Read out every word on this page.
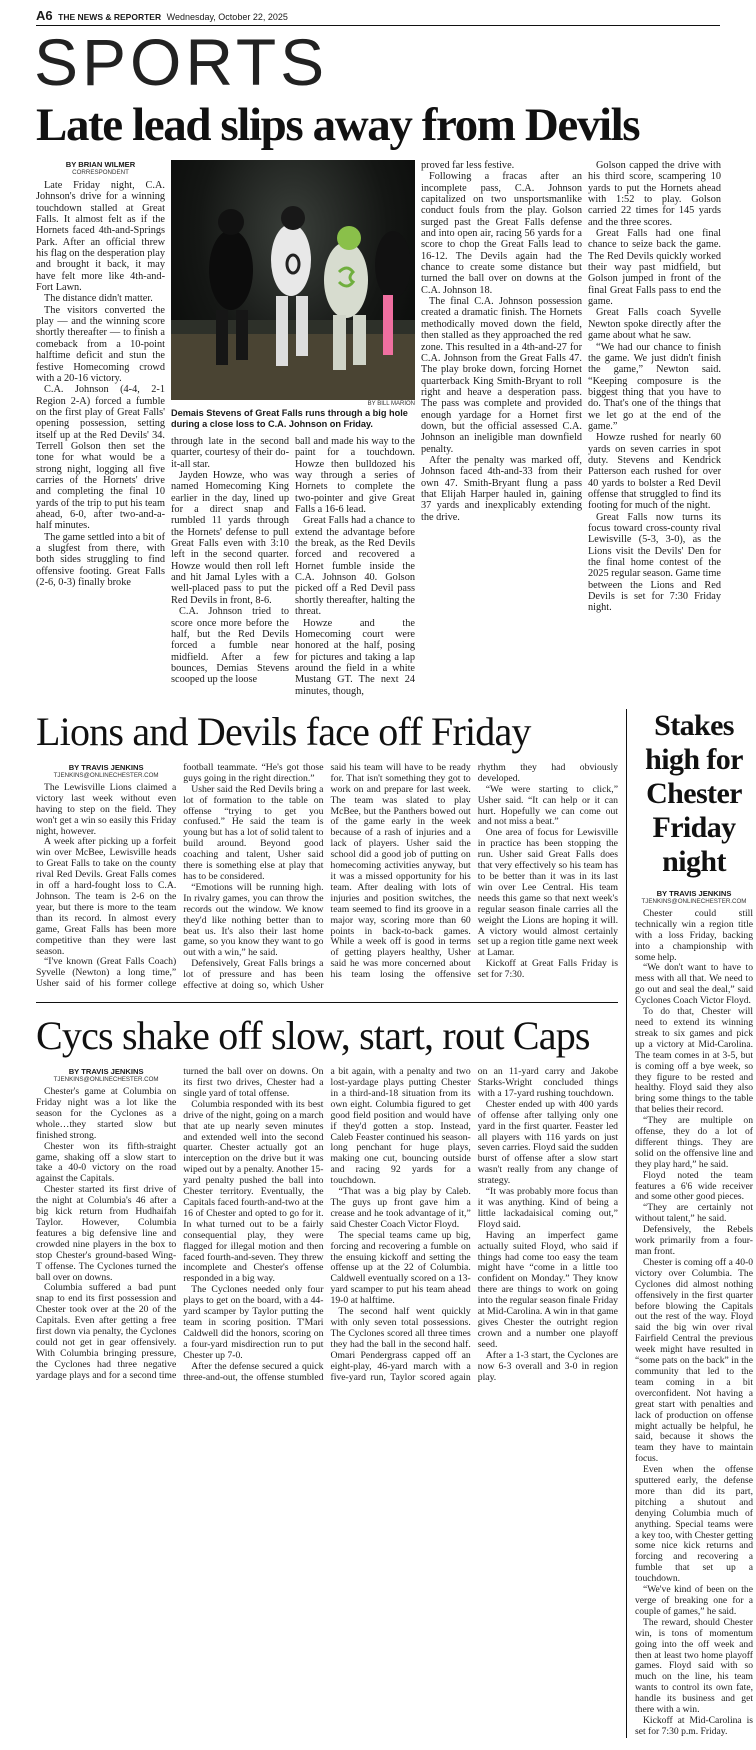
A6 THE NEWS & REPORTER Wednesday, October 22, 2025
SPORTS
Late lead slips away from Devils
BY BRIAN WILMER
CORRESPONDENT

Late Friday night, C.A. Johnson's drive for a winning touchdown stalled at Great Falls. It almost felt as if the Hornets faced 4th-and-Springs Park. After an official threw his flag on the desperation play and brought it back, it may have felt more like 4th-and-Fort Lawn.

The distance didn't matter.

The visitors converted the play — and the winning score shortly thereafter — to finish a comeback from a 10-point halftime deficit and stun the festive Homecoming crowd with a 20-16 victory.

C.A. Johnson (4-4, 2-1 Region 2-A) forced a fumble on the first play of Great Falls' opening possession, setting itself up at the Red Devils' 34. Terrell Golson then set the tone for what would be a strong night, logging all five carries of the Hornets' drive and completing the final 10 yards of the trip to put his team ahead, 6-0, after two-and-a-half minutes.

The game settled into a bit of a slugfest from there, with both sides struggling to find offensive footing. Great Falls (2-6, 0-3) finally broke

BY BILL MARION
Demais Stevens of Great Falls runs through a big hole during a close loss to C.A. Johnson on Friday.

through late in the second quarter, courtesy of their do-it-all star.

Jayden Howze, who was named Homecoming King earlier in the day, lined up for a direct snap and rumbled 11 yards through the Hornets' defense to pull Great Falls even with 3:10 left in the second quarter. Howze would then roll left and hit Jamal Lyles with a well-placed pass to put the Red Devils in front, 8-6.

C.A. Johnson tried to score once more before the half, but the Red Devils forced a fumble near midfield. After a few bounces, Demias Stevens scooped up the loose

ball and made his way to the paint for a touchdown. Howze then bulldozed his way through a series of Hornets to complete the two-pointer and give Great Falls a 16-6 lead.

Great Falls had a chance to extend the advantage before the break, as the Red Devils forced and recovered a Hornet fumble inside the C.A. Johnson 40. Golson picked off a Red Devil pass shortly thereafter, halting the threat.

Howze and the Homecoming court were honored at the half, posing for pictures and taking a lap around the field in a white Mustang GT. The next 24 minutes, though,

proved far less festive.

Following a fracas after an incomplete pass, C.A. Johnson capitalized on two unsportsmanlike conduct fouls from the play. Golson surged past the Great Falls defense and into open air, racing 56 yards for a score to chop the Great Falls lead to 16-12. The Devils again had the chance to create some distance but turned the ball over on downs at the C.A. Johnson 18.

The final C.A. Johnson possession created a dramatic finish. The Hornets methodically moved down the field, then stalled as they approached the red zone. This resulted in a 4th-and-27 for C.A. Johnson from the Great Falls 47. The play broke down, forcing Hornet quarterback King Smith-Bryant to roll right and heave a desperation pass. The pass was complete and provided enough yardage for a Hornet first down, but the official assessed C.A. Johnson an ineligible man downfield penalty.

After the penalty was marked off, Johnson faced 4th-and-33 from their own 47. Smith-Bryant flung a pass that Elijah Harper hauled in, gaining 37 yards and inexplicably extending the drive.

Golson capped the drive with his third score, scampering 10 yards to put the Hornets ahead with 1:52 to play. Golson carried 22 times for 145 yards and the three scores.

Great Falls had one final chance to seize back the game. The Red Devils quickly worked their way past midfield, but Golson jumped in front of the final Great Falls pass to end the game.

Great Falls coach Syvelle Newton spoke directly after the game about what he saw.

“We had our chance to finish the game. We just didn't finish the game,” Newton said. “Keeping composure is the biggest thing that you have to do. That's one of the things that we let go at the end of the game.”

Howze rushed for nearly 60 yards on seven carries in spot duty. Stevens and Kendrick Patterson each rushed for over 40 yards to bolster a Red Devil offense that struggled to find its footing for much of the night.

Great Falls now turns its focus toward cross-county rival Lewisville (5-3, 3-0), as the Lions visit the Devils' Den for the final home contest of the 2025 regular season. Game time between the Lions and Red Devils is set for 7:30 Friday night.

Lions and Devils face off Friday
BY TRAVIS JENKINS
TJENKINS@ONLINECHESTER.COM

The Lewisville Lions claimed a victory last week without even having to step on the field. They won't get a win so easily this Friday night, however.

A week after picking up a forfeit win over McBee, Lewisville heads to Great Falls to take on the county rival Red Devils. Great Falls comes in off a hard-fought loss to C.A. Johnson. The team is 2-6 on the year, but there is more to the team than its record. In almost every game, Great Falls has been more competitive than they were last season.

“I've known (Great Falls Coach) Syvelle (Newton) a long time,” Usher said of his former college football teammate. “He's got those guys going in the right direction.”

Usher said the Red Devils bring a lot of formation to the table on offense “trying to get you confused.” He said the team is young but has a lot of solid talent to build around. Beyond good coaching and talent, Usher said there is something else at play that has to be considered.

“Emotions will be running high. In rivalry games, you can throw the records out the window. We know they'd like nothing better than to beat us. It's also their last home game, so you know they want to go out with a win,” he said.

Defensively, Great Falls brings a lot of pressure and has been effective at doing so, which Usher said his team will have to be ready for. That isn't something they got to work on and prepare for last week. The team was slated to play McBee, but the Panthers bowed out of the game early in the week because of a rash of injuries and a lack of players. Usher said the school did a good job of putting on homecoming activities anyway, but it was a missed opportunity for his team. After dealing with lots of injuries and position switches, the team seemed to find its groove in a major way, scoring more than 60 points in back-to-back games. While a week off is good in terms of getting players healthy, Usher said he was more concerned about his team losing the offensive rhythm they had obviously developed.

“We were starting to click,” Usher said. “It can help or it can hurt. Hopefully we can come out and not miss a beat.”

One area of focus for Lewisville in practice has been stopping the run. Usher said Great Falls does that very effectively so his team has to be better than it was in its last win over Lee Central. His team needs this game so that next week's regular season finale carries all the weight the Lions are hoping it will. A victory would almost certainly set up a region title game next week at Lamar.

Kickoff at Great Falls Friday is set for 7:30.

Cycs shake off slow, start, rout Caps
BY TRAVIS JENKINS
TJENKINS@ONLINECHESTER.COM

Chester's game at Columbia on Friday night was a lot like the season for the Cyclones as a whole…they started slow but finished strong.

Chester won its fifth-straight game, shaking off a slow start to take a 40-0 victory on the road against the Capitals.

Chester started its first drive of the night at Columbia's 46 after a big kick return from Hudhaifah Taylor. However, Columbia features a big defensive line and crowded nine players in the box to stop Chester's ground-based Wing-T offense. The Cyclones turned the ball over on downs.

Columbia suffered a bad punt snap to end its first possession and Chester took over at the 20 of the Capitals. Even after getting a free first down via penalty, the Cyclones could not get in gear offensively. With Columbia bringing pressure, the Cyclones had three negative yardage plays and for a second time turned the ball over on downs. On its first two drives, Chester had a single yard of total offense.

Columbia responded with its best drive of the night, going on a march that ate up nearly seven minutes and extended well into the second quarter. Chester actually got an interception on the drive but it was wiped out by a penalty. Another 15-yard penalty pushed the ball into Chester territory. Eventually, the Capitals faced fourth-and-two at the 16 of Chester and opted to go for it. In what turned out to be a fairly consequential play, they were flagged for illegal motion and then faced fourth-and-seven. They threw incomplete and Chester's offense responded in a big way.

The Cyclones needed only four plays to get on the board, with a 44-yard scamper by Taylor putting the team in scoring position. T'Mari Caldwell did the honors, scoring on a four-yard misdirection run to put Chester up 7-0.

After the defense secured a quick three-and-out, the offense stumbled a bit again, with a penalty and two lost-yardage plays putting Chester in a third-and-18 situation from its own eight. Columbia figured to get good field position and would have if they'd gotten a stop. Instead, Caleb Feaster continued his season-long penchant for huge plays, making one cut, bouncing outside and racing 92 yards for a touchdown.

“That was a big play by Caleb. The guys up front gave him a crease and he took advantage of it,” said Chester Coach Victor Floyd.

The special teams came up big, forcing and recovering a fumble on the ensuing kickoff and setting the offense up at the 22 of Columbia. Caldwell eventually scored on a 13-yard scamper to put his team ahead 19-0 at halftime.

The second half went quickly with only seven total possessions. The Cyclones scored all three times they had the ball in the second half. Omari Pendergrass capped off an eight-play, 46-yard march with a five-yard run, Taylor scored again on an 11-yard carry and Jakobe Starks-Wright concluded things with a 17-yard rushing touchdown.

Chester ended up with 400 yards of offense after tallying only one yard in the first quarter. Feaster led all players with 116 yards on just seven carries. Floyd said the sudden burst of offense after a slow start wasn't really from any change of strategy.

“It was probably more focus than it was anything. Kind of being a little lackadaisical coming out,” Floyd said.

Having an imperfect game actually suited Floyd, who said if things had come too easy the team might have “come in a little too confident on Monday.” They know there are things to work on going into the regular season finale Friday at Mid-Carolina. A win in that game gives Chester the outright region crown and a number one playoff seed.

After a 1-3 start, the Cyclones are now 6-3 overall and 3-0 in region play.

Stakes high for Chester Friday night
BY TRAVIS JENKINS
TJENKINS@ONLINECHESTER.COM

Chester could still technically win a region title with a loss Friday, backing into a championship with some help.

“We don't want to have to mess with all that. We need to go out and seal the deal,” said Cyclones Coach Victor Floyd.

To do that, Chester will need to extend its winning streak to six games and pick up a victory at Mid-Carolina. The team comes in at 3-5, but is coming off a bye week, so they figure to be rested and healthy. Floyd said they also bring some things to the table that belies their record.

“They are multiple on offense, they do a lot of different things. They are solid on the offensive line and they play hard,” he said.

Floyd noted the team features a 6'6 wide receiver and some other good pieces.

“They are certainly not without talent,” he said.

Defensively, the Rebels work primarily from a four-man front.

Chester is coming off a 40-0 victory over Columbia. The Cyclones did almost nothing offensively in the first quarter before blowing the Capitals out the rest of the way. Floyd said the big win over rival Fairfield Central the previous week might have resulted in “some pats on the back” in the community that led to the team coming in a bit overconfident. Not having a great start with penalties and lack of production on offense might actually be helpful, he said, because it shows the team they have to maintain focus.

Even when the offense sputtered early, the defense more than did its part, pitching a shutout and denying Columbia much of anything. Special teams were a key too, with Chester getting some nice kick returns and forcing and recovering a fumble that set up a touchdown.

“We've kind of been on the verge of breaking one for a couple of games,” he said.

The reward, should Chester win, is tons of momentum going into the off week and then at least two home playoff games. Floyd said with so much on the line, his team wants to control its own fate, handle its business and get there with a win.

Kickoff at Mid-Carolina is set for 7:30 p.m. Friday.
